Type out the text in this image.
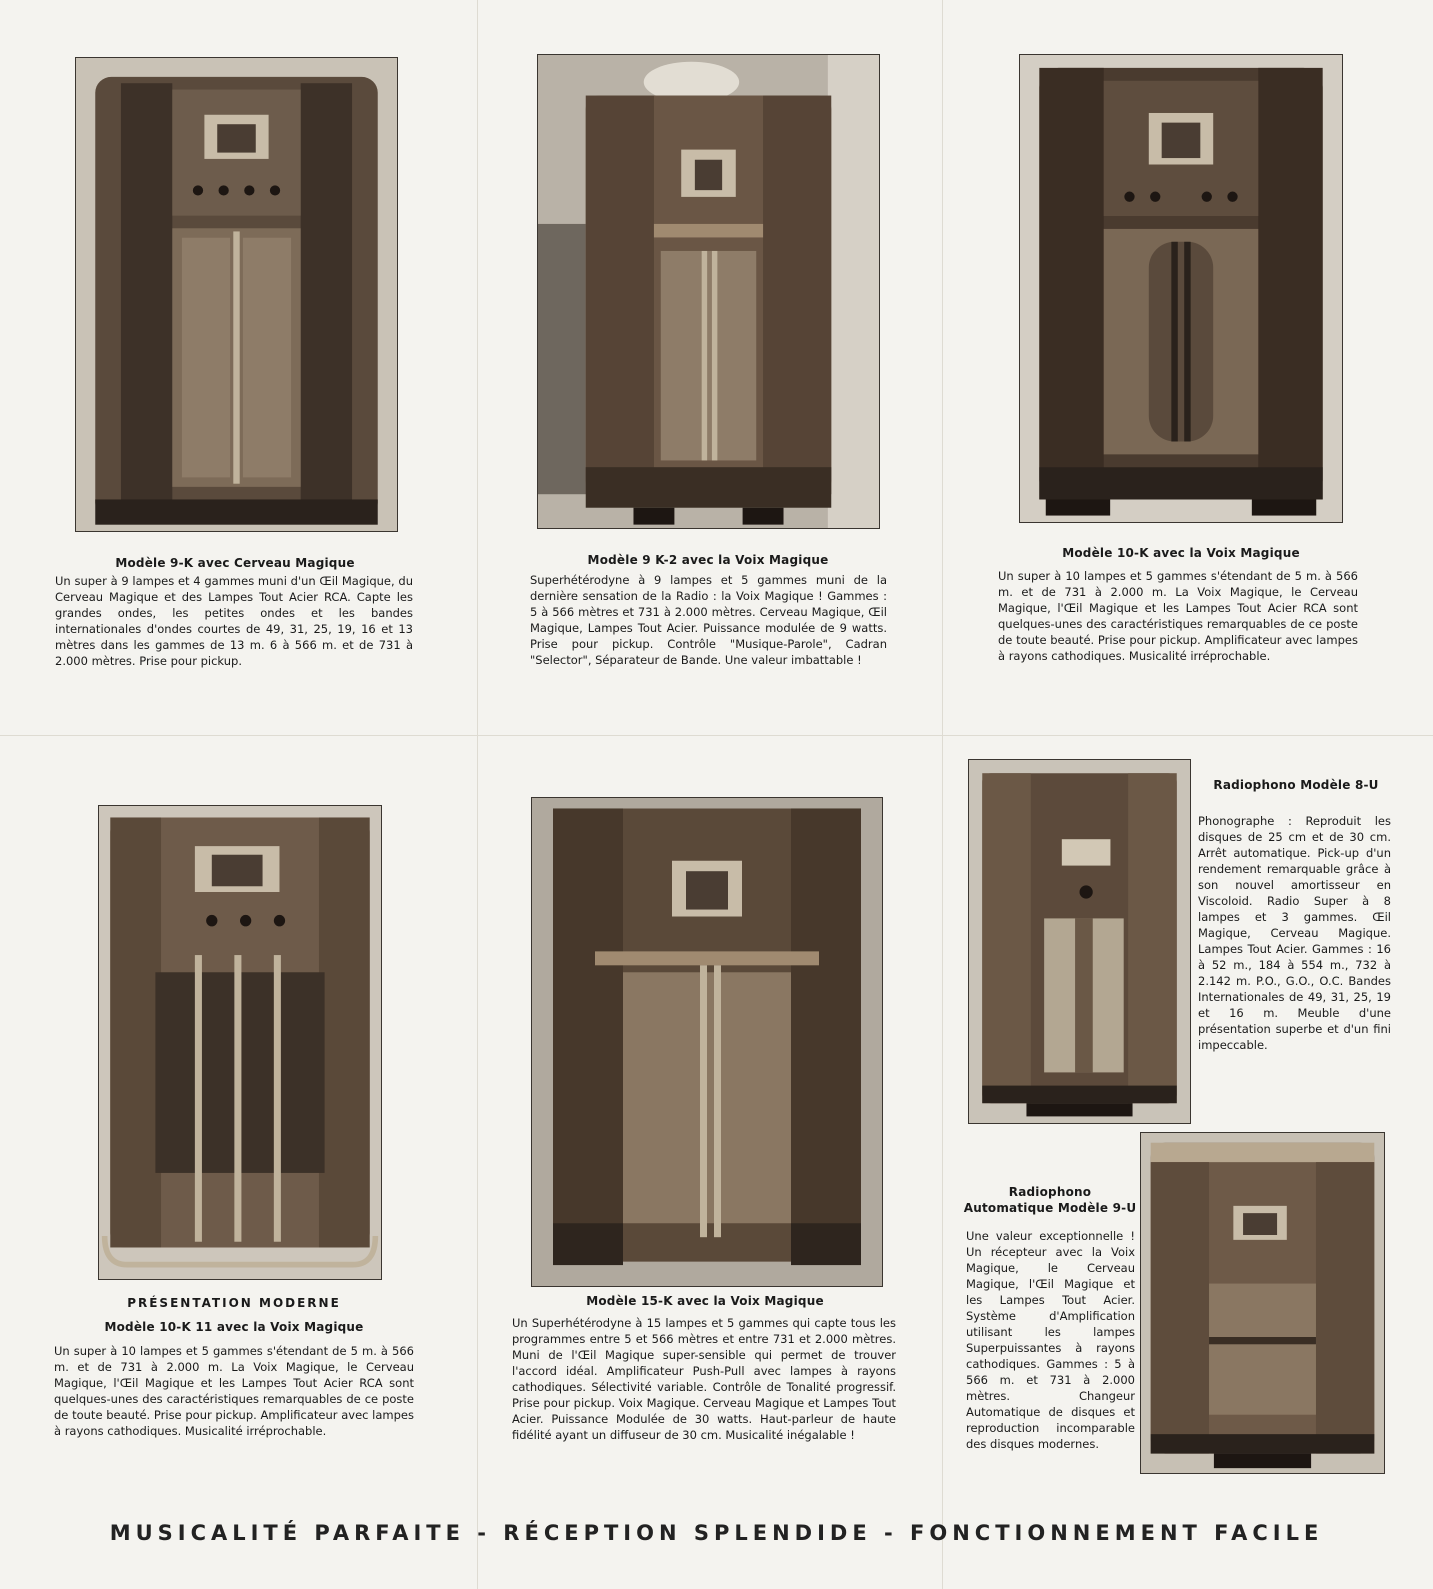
Modèle 9-K avec Cerveau Magique

Un super à 9 lampes et 4 gammes muni d'un Œil Magique, du Cerveau Magique et des Lampes Tout Acier RCA. Capte les grandes ondes, les petites ondes et les bandes internationales d'ondes courtes de 49, 31, 25, 19, 16 et 13 mètres dans les gammes de 13 m. 6 à 566 m. et de 731 à 2.000 mètres. Prise pour pickup.

Modèle 9 K-2 avec la Voix Magique

Superhétérodyne à 9 lampes et 5 gammes muni de la dernière sensation de la Radio : la Voix Magique ! Gammes : 5 à 566 mètres et 731 à 2.000 mètres. Cerveau Magique, Œil Magique, Lampes Tout Acier. Puissance modulée de 9 watts. Prise pour pickup. Contrôle "Musique-Parole", Cadran "Selector", Séparateur de Bande. Une valeur imbattable !

Modèle 10-K avec la Voix Magique

Un super à 10 lampes et 5 gammes s'étendant de 5 m. à 566 m. et de 731 à 2.000 m. La Voix Magique, le Cerveau Magique, l'Œil Magique et les Lampes Tout Acier RCA sont quelques-unes des caractéristiques remarquables de ce poste de toute beauté. Prise pour pickup. Amplificateur avec lampes à rayons cathodiques. Musicalité irréprochable.

PRÉSENTATION MODERNE
Modèle 10-K 11 avec la Voix Magique

Un super à 10 lampes et 5 gammes s'étendant de 5 m. à 566 m. et de 731 à 2.000 m. La Voix Magique, le Cerveau Magique, l'Œil Magique et les Lampes Tout Acier RCA sont quelques-unes des caractéristiques remarquables de ce poste de toute beauté. Prise pour pickup. Amplificateur avec lampes à rayons cathodiques. Musicalité irréprochable.

Modèle 15-K avec la Voix Magique

Un Superhétérodyne à 15 lampes et 5 gammes qui capte tous les programmes entre 5 et 566 mètres et entre 731 et 2.000 mètres. Muni de l'Œil Magique super-sensible qui permet de trouver l'accord idéal. Amplificateur Push-Pull avec lampes à rayons cathodiques. Sélectivité variable. Contrôle de Tonalité progressif. Prise pour pickup. Voix Magique. Cerveau Magique et Lampes Tout Acier. Puissance Modulée de 30 watts. Haut-parleur de haute fidélité ayant un diffuseur de 30 cm. Musicalité inégalable !

Radiophono Modèle 8-U

Phonographe : Reproduit les disques de 25 cm et de 30 cm. Arrêt automatique. Pick-up d'un rendement remarquable grâce à son nouvel amortisseur en Viscoloid. Radio Super à 8 lampes et 3 gammes. Œil Magique, Cerveau Magique. Lampes Tout Acier. Gammes : 16 à 52 m., 184 à 554 m., 732 à 2.142 m. P.O., G.O., O.C. Bandes Internationales de 49, 31, 25, 19 et 16 m. Meuble d'une présentation superbe et d'un fini impeccable.

Radiophono Automatique Modèle 9-U

Une valeur exceptionnelle ! Un récepteur avec la Voix Magique, le Cerveau Magique, l'Œil Magique et les Lampes Tout Acier. Système d'Amplification utilisant les lampes Superpuissantes à rayons cathodiques. Gammes : 5 à 566 m. et 731 à 2.000 mètres. Changeur Automatique de disques et reproduction incomparable des disques modernes.

MUSICALITÉ PARFAITE - RÉCEPTION SPLENDIDE - FONCTIONNEMENT FACILE
